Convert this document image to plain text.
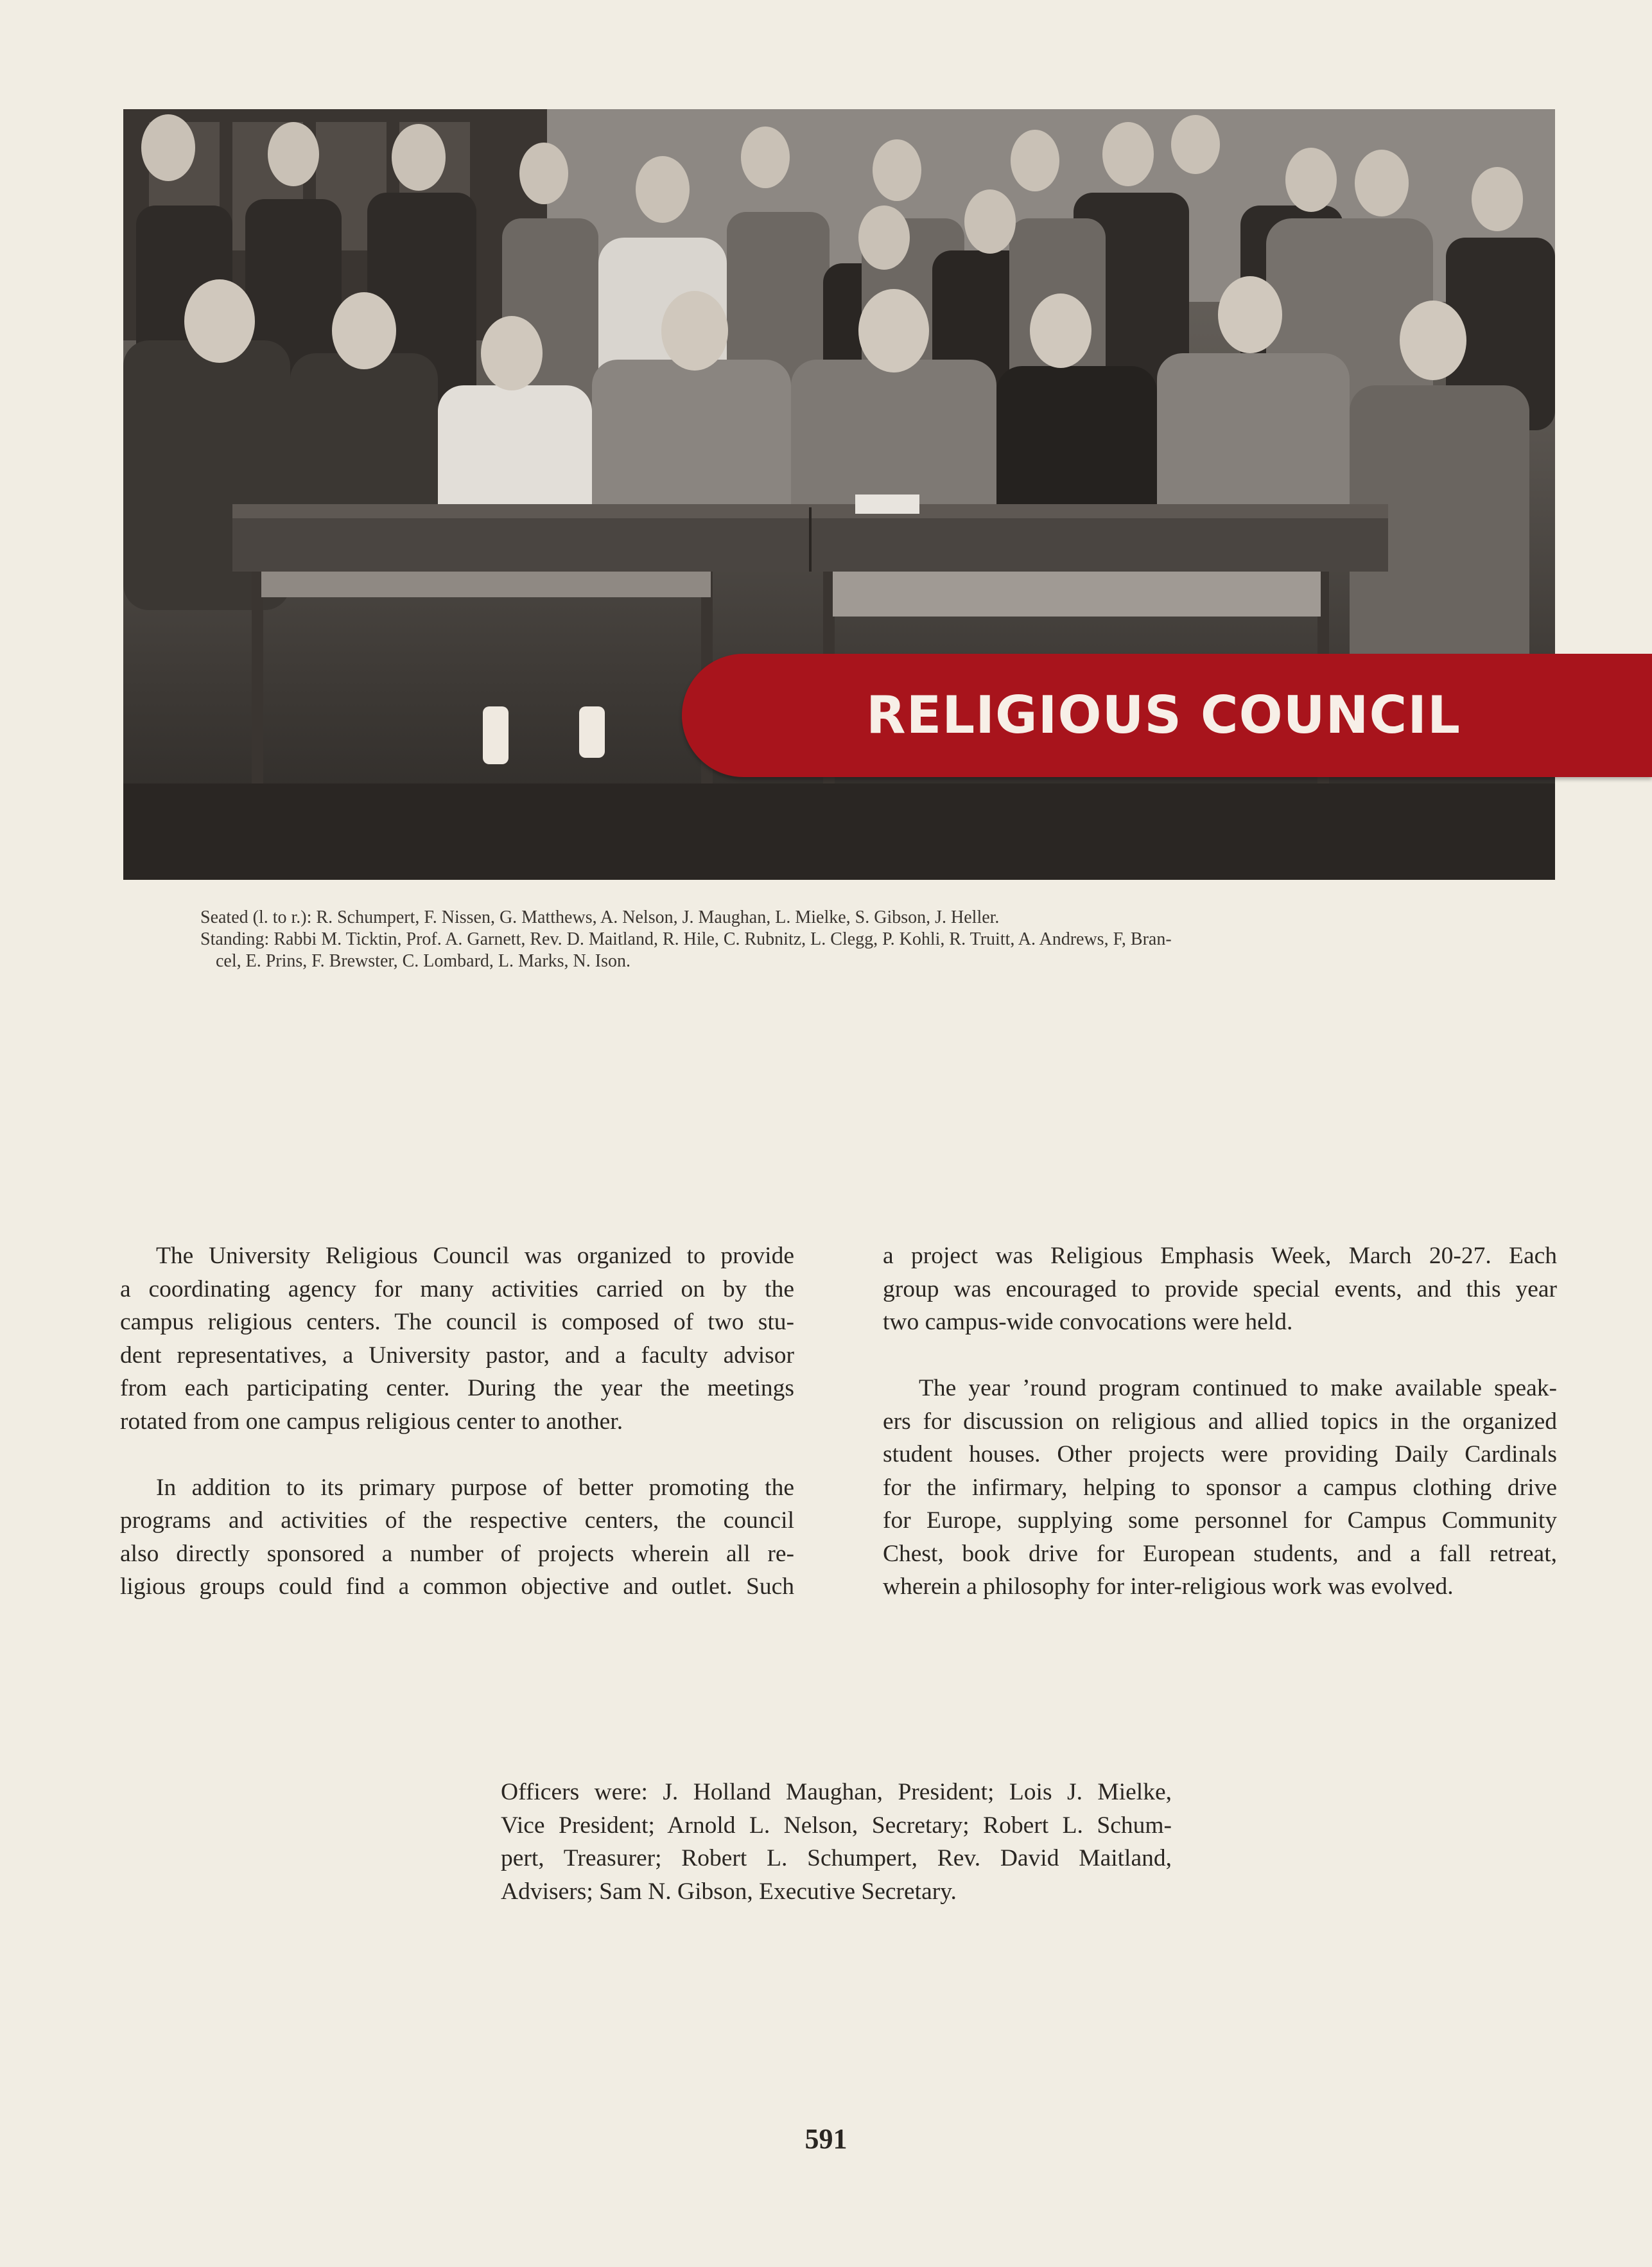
RELIGIOUS COUNCIL
Seated (l. to r.): R. Schumpert, F. Nissen, G. Matthews, A. Nelson, J. Maughan, L. Mielke, S. Gibson, J. Heller.
Standing: Rabbi M. Ticktin, Prof. A. Garnett, Rev. D. Maitland, R. Hile, C. Rubnitz, L. Clegg, P. Kohli, R. Truitt, A. Andrews, F, Bran-
cel, E. Prins, F. Brewster, C. Lombard, L. Marks, N. Ison.

The University Religious Council was organized to provide

a coordinating agency for many activities carried on by the
campus religious centers. The council is composed of two stu-
dent representatives, a University pastor, and a faculty advisor
from each participating center. During the year the meetings

rotated from one campus religious center to another.

In addition to its primary purpose of better promoting the

programs and activities of the respective centers, the council
also directly sponsored a number of projects wherein all re-
ligious groups could find a common objective and outlet. Such

a project was Religious Emphasis Week, March 20-27. Each
group was encouraged to provide special events, and this year

two campus-wide convocations were held.

The year ’round program continued to make available speak-

ers for discussion on religious and allied topics in the organized
student houses. Other projects were providing Daily Cardinals
for the infirmary, helping to sponsor a campus clothing drive
for Europe, supplying some personnel for Campus Community
Chest, book drive for European students, and a fall retreat,

wherein a philosophy for inter-religious work was evolved.

Officers were: J. Holland Maughan, President; Lois J. Mielke,
Vice President; Arnold L. Nelson, Secretary; Robert L. Schum-
pert, Treasurer; Robert L. Schumpert, Rev. David Maitland,
Advisers; Sam N. Gibson, Executive Secretary.
591
